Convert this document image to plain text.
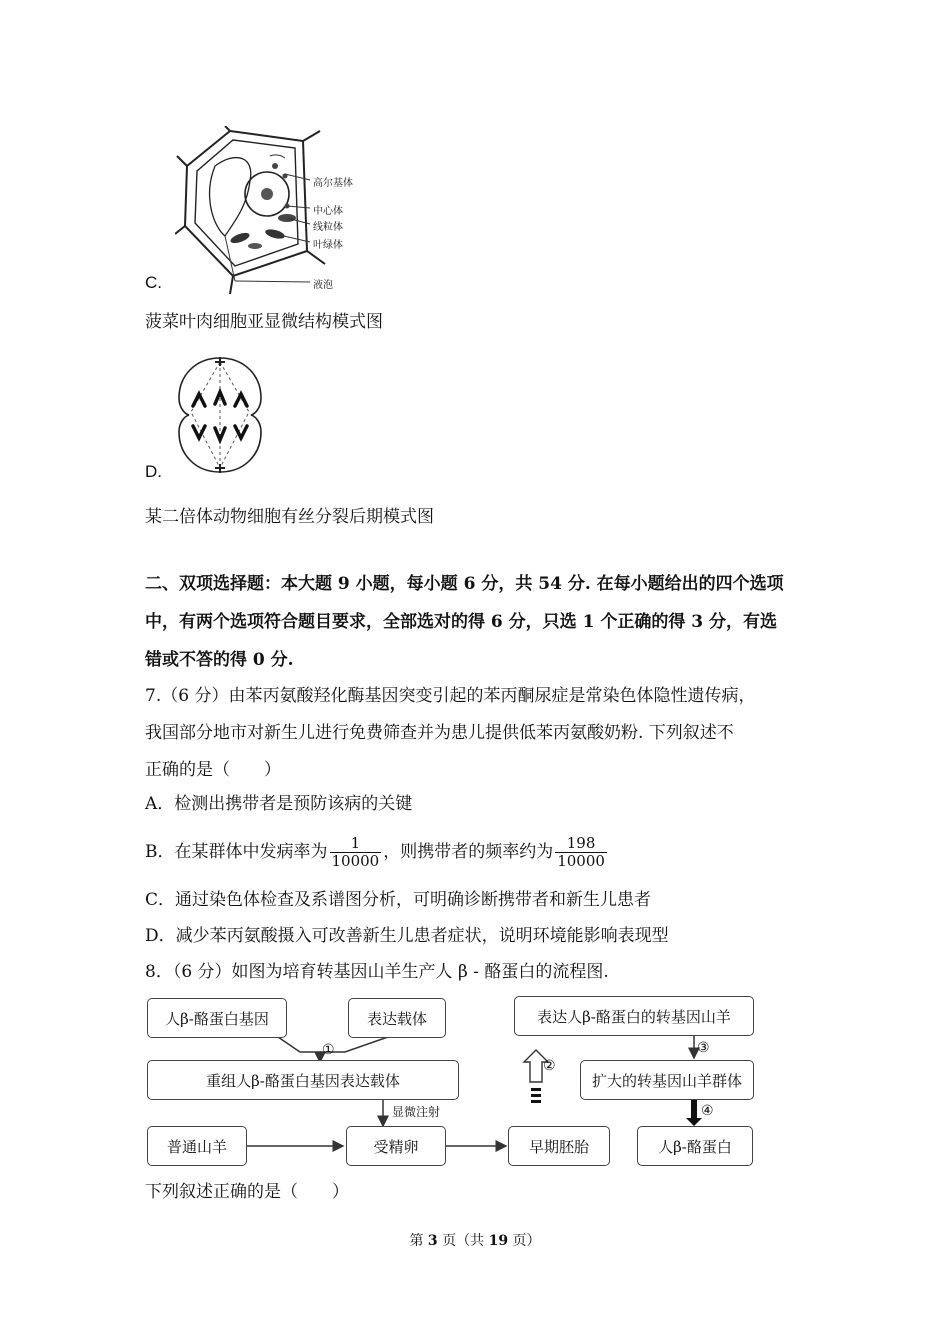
高尔基体
中心体
线粒体
叶绿体
液泡
C.
菠菜叶肉细胞亚显微结构模式图
D.
某二倍体动物细胞有丝分裂后期模式图
二、双项选择题：本大题 9 小题，每小题 6 分，共 54 分. 在每小题给出的四个选项
中，有两个选项符合题目要求，全部选对的得 6 分，只选 1 个正确的得 3 分，有选
错或不答的得 0 分.
7.（6 分）由苯丙氨酸羟化酶基因突变引起的苯丙酮尿症是常染色体隐性遗传病，
我国部分地市对新生儿进行免费筛查并为患儿提供低苯丙氨酸奶粉. 下列叙述不
正确的是（　　）
A．检测出携带者是预防该病的关键
B．在某群体中发病率为 $\frac{1}{10000}$ ，则携带者的频率约为 $\frac{198}{10000}$
C．通过染色体检查及系谱图分析，可明确诊断携带者和新生儿患者
D．减少苯丙氨酸摄入可改善新生儿患者症状，说明环境能影响表现型
8．（6 分）如图为培育转基因山羊生产人 β - 酪蛋白的流程图.
人β-酪蛋白基因	表达载体
①
重组人β-酪蛋白基因表达载体
显微注射
普通山羊	受精卵	早期胚胎
②
表达人β-酪蛋白的转基因山羊
③
扩大的转基因山羊群体
④
人β-酪蛋白
下列叙述正确的是（　　）
第 3 页（共 19 页）
